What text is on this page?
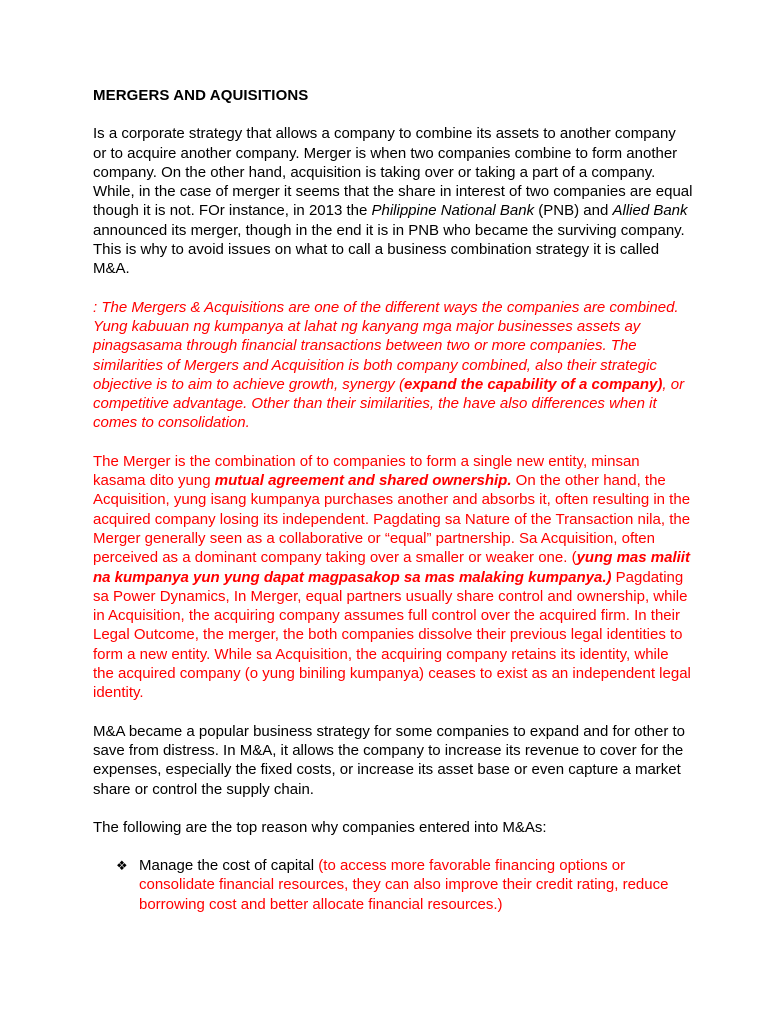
MERGERS AND AQUISITIONS

Is a corporate strategy that allows a company to combine its assets to another company or to acquire another company. Merger is when two companies combine to form another company. On the other hand, acquisition is taking over or taking a part of a company. While, in the case of merger it seems that the share in interest of two companies are equal though it is not. FOr instance, in 2013 the Philippine National Bank (PNB) and Allied Bank announced its merger, though in the end it is in PNB who became the surviving company. This is why to avoid issues on what to call a business combination strategy it is called M&A.

: The Mergers & Acquisitions are one of the different ways the companies are combined. Yung kabuuan ng kumpanya at lahat ng kanyang mga major businesses assets ay pinagsasama through financial transactions between two or more companies. The similarities of Mergers and Acquisition is both company combined, also their strategic objective is to aim to achieve growth, synergy (expand the capability of a company), or competitive advantage. Other than their similarities, the have also differences when it comes to consolidation.

The Merger is the combination of to companies to form a single new entity, minsan kasama dito yung mutual agreement and shared ownership. On the other hand, the Acquisition, yung isang kumpanya purchases another and absorbs it, often resulting in the acquired company losing its independent. Pagdating sa Nature of the Transaction nila, the Merger generally seen as a collaborative or “equal” partnership. Sa Acquisition, often perceived as a dominant company taking over a smaller or weaker one. (yung mas maliit na kumpanya yun yung dapat magpasakop sa mas malaking kumpanya.) Pagdating sa Power Dynamics, In Merger, equal partners usually share control and ownership, while in Acquisition, the acquiring company assumes full control over the acquired firm. In their Legal Outcome, the merger, the both companies dissolve their previous legal identities to form a new entity. While sa Acquisition, the acquiring company retains its identity, while the acquired company (o yung biniling kumpanya) ceases to exist as an independent legal identity.

M&A became a popular business strategy for some companies to expand and for other to save from distress. In M&A, it allows the company to increase its revenue to cover for the expenses, especially the fixed costs, or increase its asset base or even capture a market share or control the supply chain.

The following are the top reason why companies entered into M&As:

❖ Manage the cost of capital (to access more favorable financing options or consolidate financial resources, they can also improve their credit rating, reduce borrowing cost and better allocate financial resources.)
